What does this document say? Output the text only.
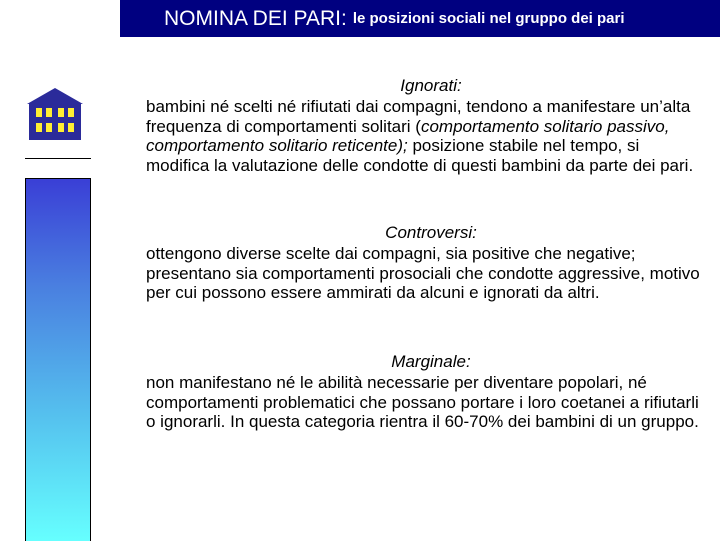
NOMINA DEI PARI: le posizioni sociali nel gruppo dei pari
Ignorati:
bambini né scelti né rifiutati dai compagni, tendono a manifestare un’alta frequenza di comportamenti solitari (comportamento solitario passivo, comportamento solitario reticente); posizione stabile nel tempo, si modifica la valutazione delle condotte di questi bambini da parte dei pari.
Controversi:
ottengono diverse scelte dai compagni, sia positive che negative; presentano sia comportamenti prosociali che condotte aggressive, motivo per cui possono essere ammirati da alcuni e ignorati da altri.
Marginale:
non manifestano né le abilità necessarie per diventare popolari, né comportamenti problematici che possano portare i loro coetanei a rifiutarli o ignorarli. In questa categoria rientra il 60-70% dei bambini di un gruppo.
